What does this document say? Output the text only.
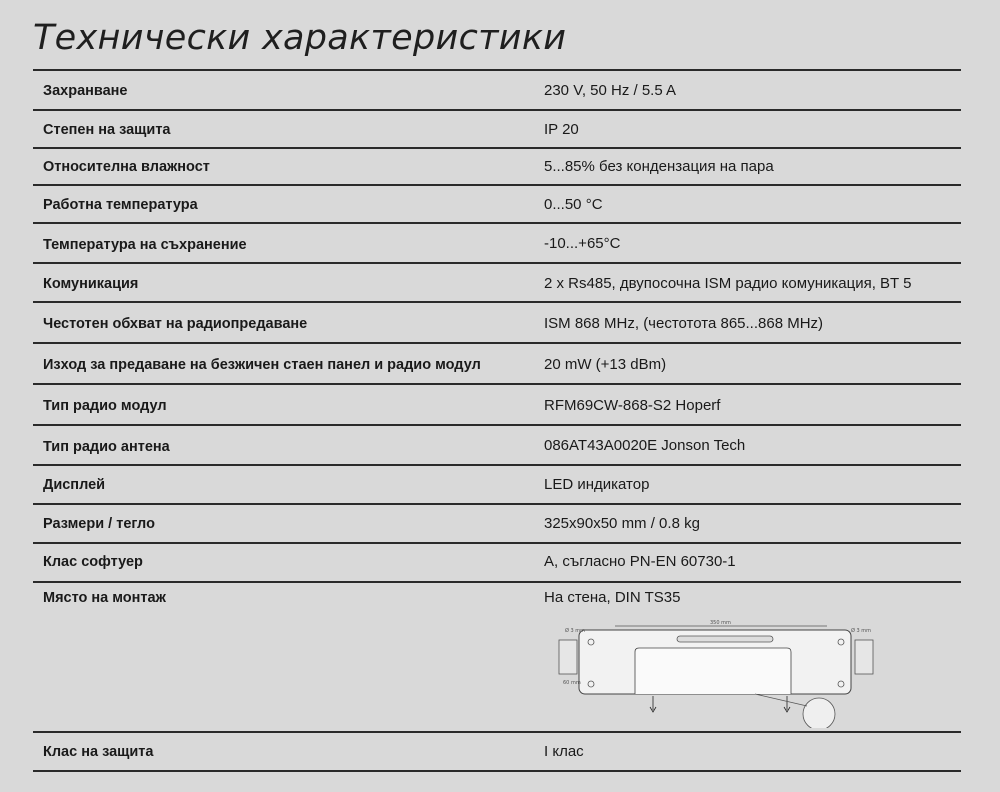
Технически характеристики
Захранване	230 V, 50 Hz / 5.5 A
Степен на защита	IP 20
Относителна влажност	5...85% без кондензация на пара
Работна температура	0...50 °C
Температура на съхранение	-10...+65°C
Комуникация	2 x Rs485, двупосочна ISM радио комуникация, BT 5
Честотен обхват на радиопредаване	ISM 868 MHz, (честотота 865...868 MHz)
Изход за предаване на безжичен стаен панел и радио модул	20 mW (+13 dBm)
Тип радио модул	RFM69CW-868-S2 Hoperf
Тип радио антена	086AT43A0020E Jonson Tech
Дисплей	LED индикатор
Размери / тегло	325x90x50 mm / 0.8 kg
Клас софтуер	A, съгласно PN-EN 60730-1
Място на монтаж	На стена, DIN TS35
350 mm
Ø 3 mm	Ø 3 mm
60 mm
Клас на защита	I клас
